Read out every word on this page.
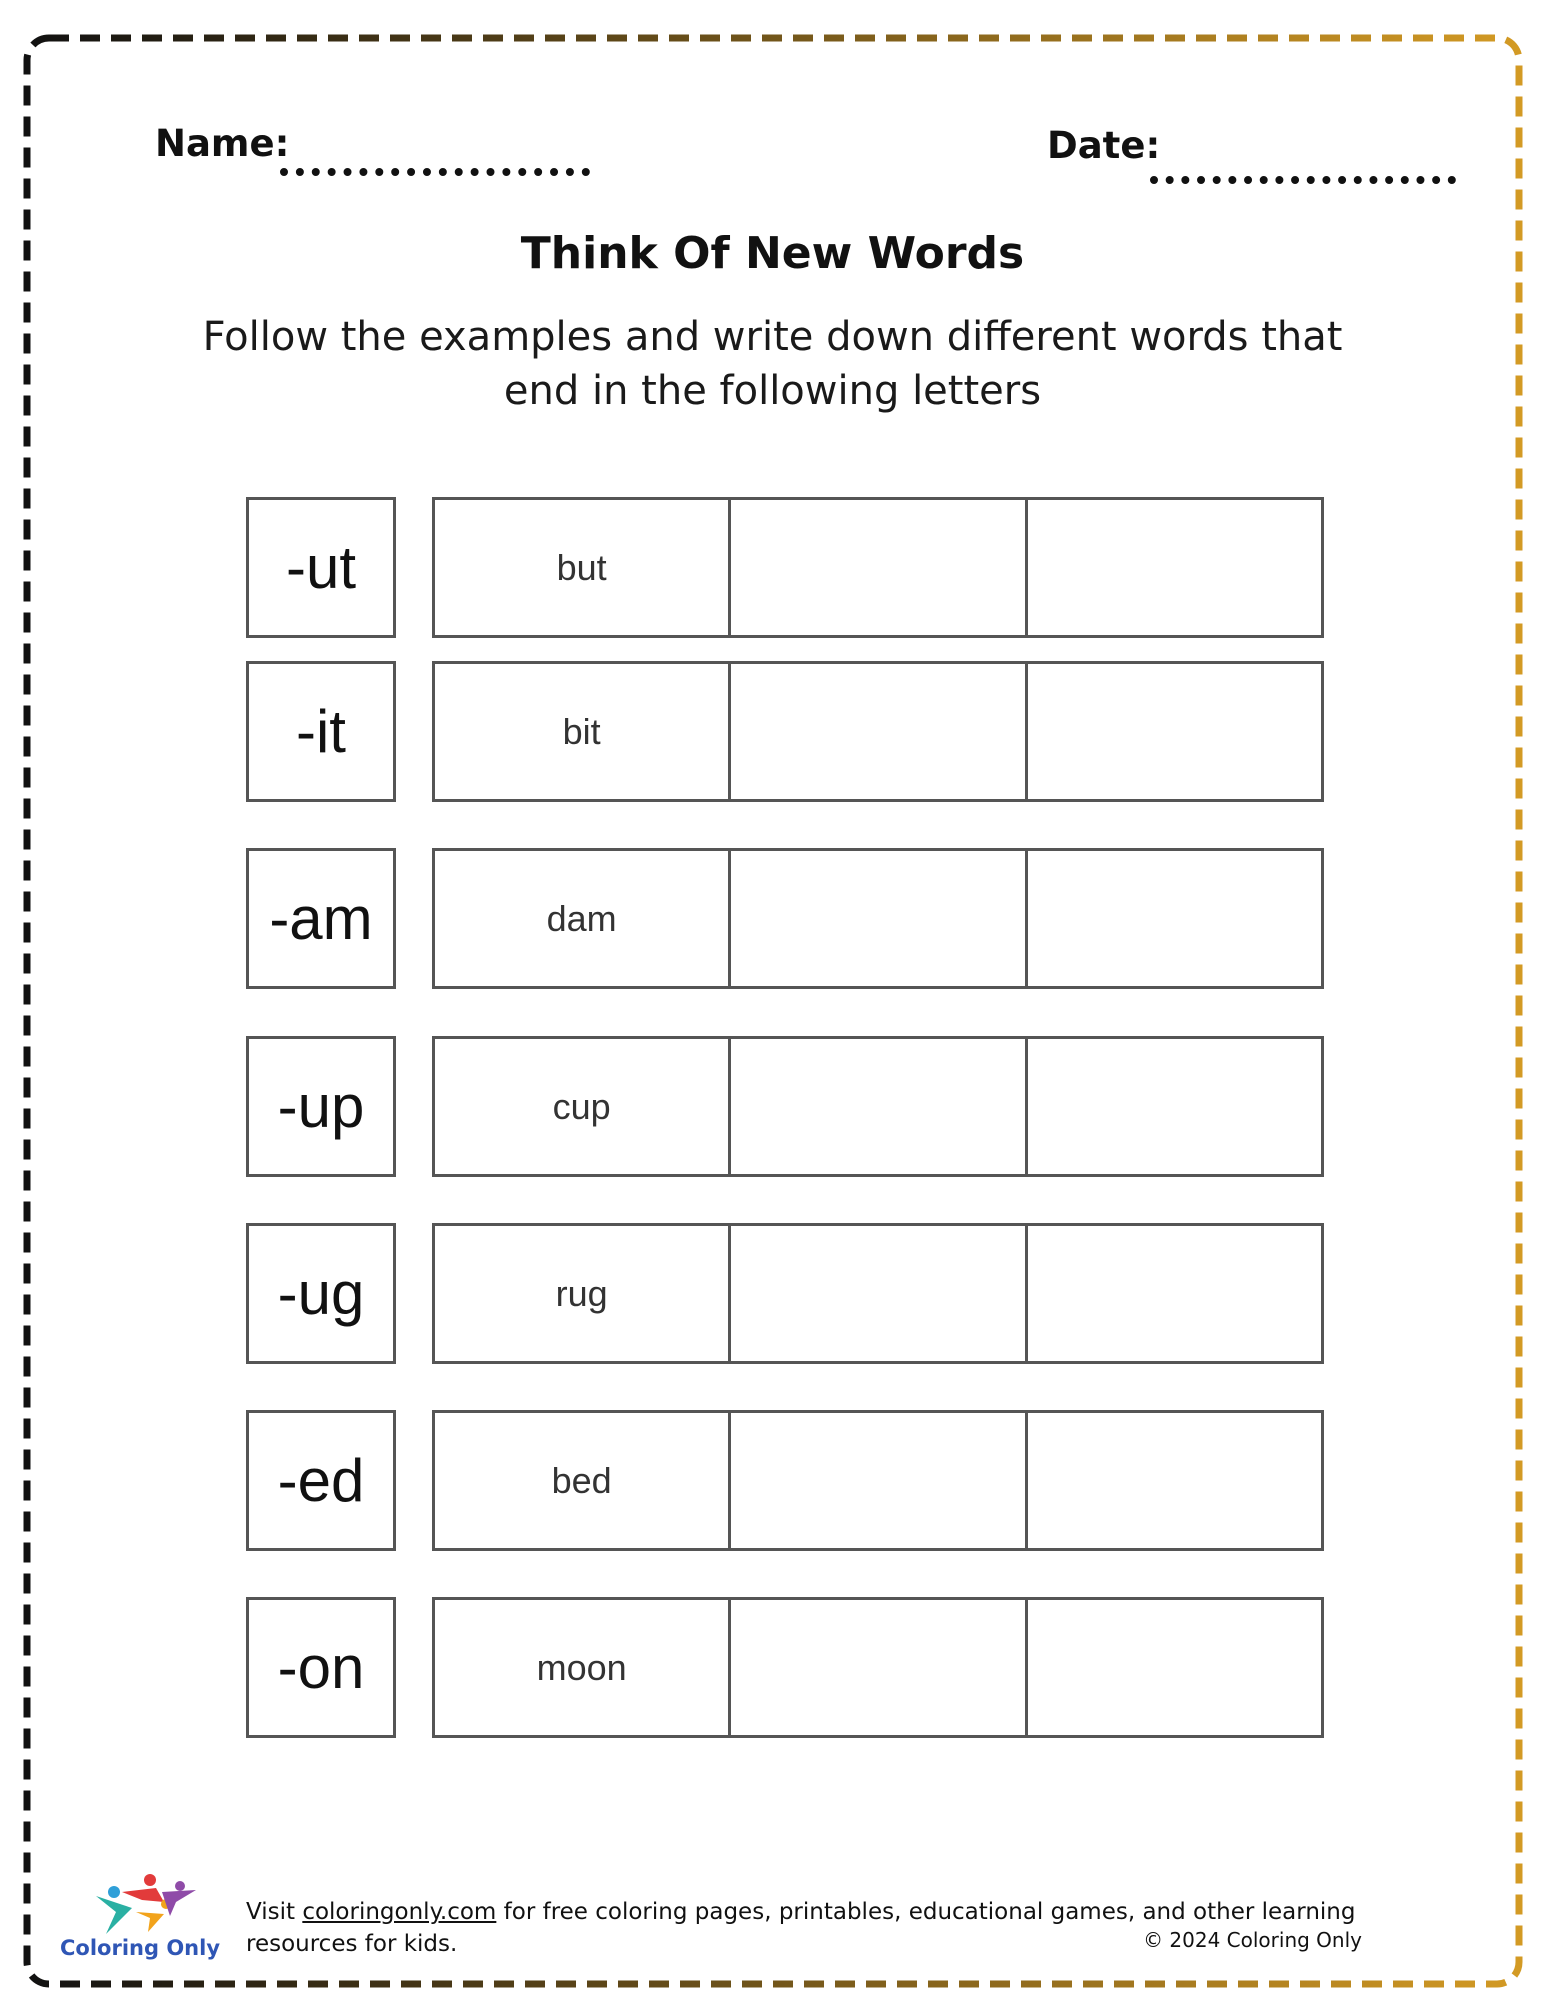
Name:	Date:
Think Of New Words
Follow the examples and write down different words that end in the following letters
-ut	but
-it	bit
-am	dam
-up	cup
-ug	rug
-ed	bed
-on	moon
Coloring Only
Visit coloringonly.com for free coloring pages, printables, educational games, and other learning resources for kids.	© 2024 Coloring Only
